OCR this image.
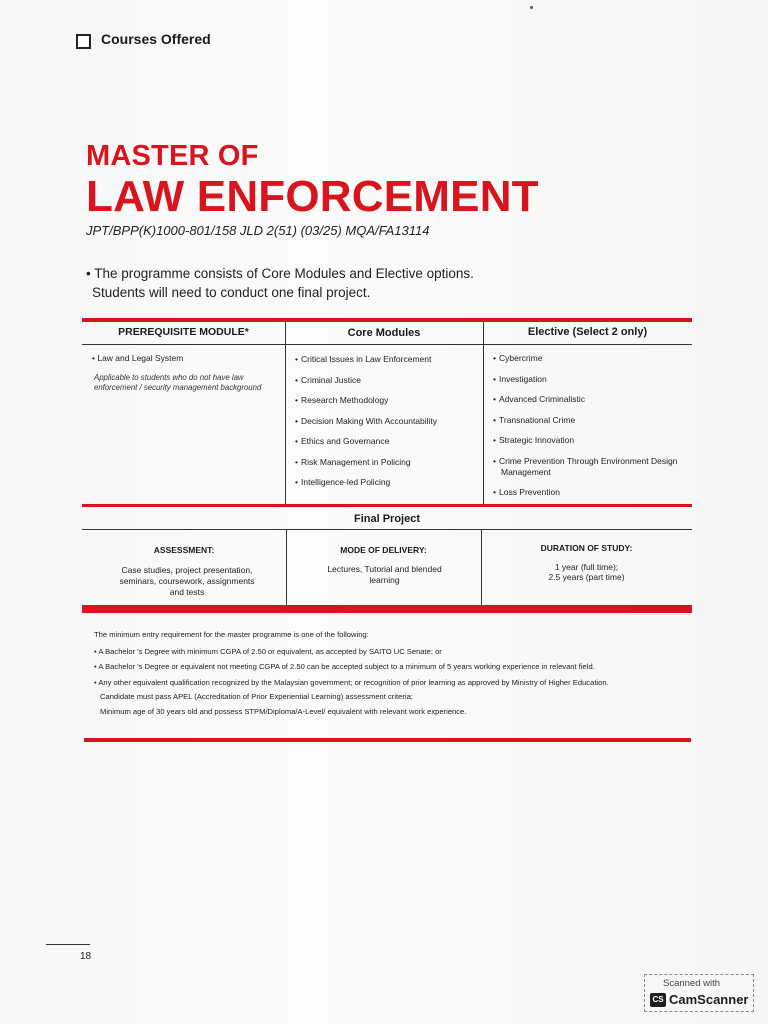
Courses Offered
MASTER OF
LAW ENFORCEMENT
JPT/BPP(K)1000-801/158 JLD 2(51) (03/25) MQA/FA13114
• The programme consists of Core Modules and Elective options.
Students will need to conduct one final project.
PREREQUISITE MODULE*	Core Modules	Elective (Select 2 only)
• Law and Legal System
Applicable to students who do not have law enforcement / security management background
• Critical Issues in Law Enforcement
• Criminal Justice
• Research Methodology
• Decision Making With Accountability
• Ethics and Governance
• Risk Management in Policing
• Intelligence-led Policing
• Cybercrime
• Investigation
• Advanced Criminalistic
• Transnational Crime
• Strategic Innovation
• Crime Prevention Through Environment Design Management
• Loss Prevention
Final Project
ASSESSMENT:
Case studies, project presentation, seminars, coursework, assignments and tests
MODE OF DELIVERY:
Lectures, Tutorial and blended learning
DURATION OF STUDY:
1 year (full time);
2.5 years (part time)
The minimum entry requirement for the master programme is one of the following:
• A Bachelor 's Degree with minimum CGPA of 2.50 or equivalent, as accepted by SAITO UC Senate; or
• A Bachelor 's Degree or equivalent not meeting CGPA of 2.50 can be accepted subject to a minimum of 5 years working experience in relevant field.
• Any other equivalent qualification recognized by the Malaysian government; or recognition of prior learning as approved by Ministry of Higher Education.
Candidate must pass APEL (Accreditation of Prior Experiential Learning) assessment criteria;
Minimum age of 30 years old and possess STPM/Diploma/A-Level/ equivalent with relevant work experience.
18
Scanned with
CS CamScanner
